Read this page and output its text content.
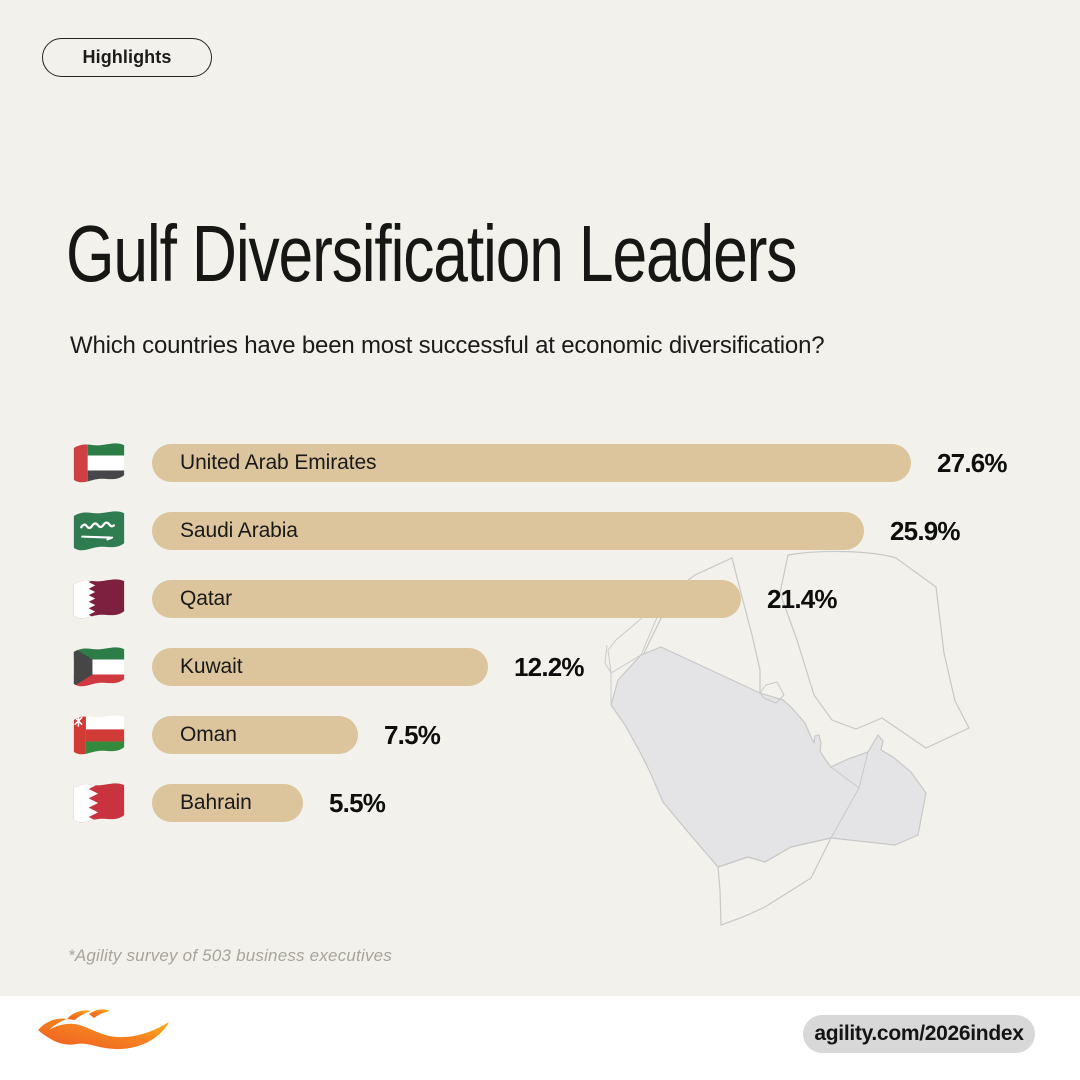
Highlights
Gulf Diversification Leaders

Which countries have been most successful at economic diversification?

United Arab Emirates	27.6%
Saudi Arabia	25.9%
Qatar	21.4%
Kuwait	12.2%
Oman	7.5%
Bahrain	5.5%

*Agility survey of 503 business executives

agility.com/2026index
